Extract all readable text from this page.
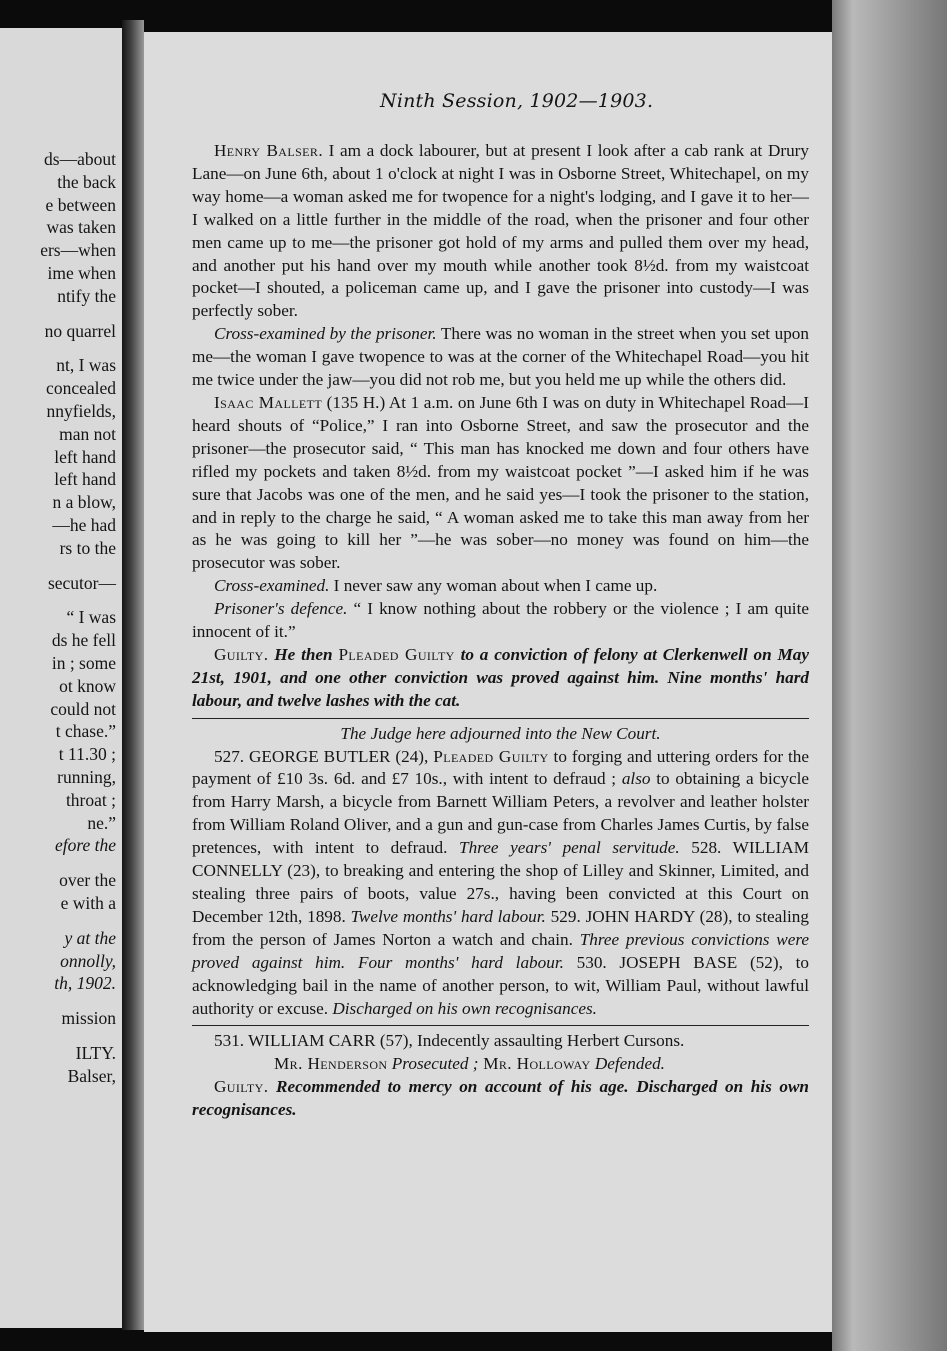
ds—about
the back
e between
was taken
ers—when
ime when
ntify the
no quarrel
nt, I was
concealed
nnyfields,
man not
left hand
left hand
n a blow,
—he had
rs to the
secutor—
“ I was
ds he fell
in ; some
ot know
could not
t chase.”
t 11.30 ;
running,
throat ;
ne.”
efore the
over the
e with a
y at the
onnolly,
th, 1902.
mission
ILTY.
Balser,
Ninth Session, 1902—1903.

Henry Balser. I am a dock labourer, but at present I look after a cab rank at Drury Lane—on June 6th, about 1 o'clock at night I was in Osborne Street, Whitechapel, on my way home—a woman asked me for twopence for a night's lodging, and I gave it to her—I walked on a little further in the middle of the road, when the prisoner and four other men came up to me—the prisoner got hold of my arms and pulled them over my head, and another put his hand over my mouth while another took 8½d. from my waistcoat pocket—I shouted, a policeman came up, and I gave the prisoner into custody—I was perfectly sober.

Cross-examined by the prisoner. There was no woman in the street when you set upon me—the woman I gave twopence to was at the corner of the Whitechapel Road—you hit me twice under the jaw—you did not rob me, but you held me up while the others did.

Isaac Mallett (135 H.) At 1 a.m. on June 6th I was on duty in Whitechapel Road—I heard shouts of “Police,” I ran into Osborne Street, and saw the prosecutor and the prisoner—the prosecutor said, “ This man has knocked me down and four others have rifled my pockets and taken 8½d. from my waistcoat pocket ”—I asked him if he was sure that Jacobs was one of the men, and he said yes—I took the prisoner to the station, and in reply to the charge he said, “ A woman asked me to take this man away from her as he was going to kill her ”—he was sober—no money was found on him—the prosecutor was sober.

Cross-examined. I never saw any woman about when I came up.

Prisoner's defence. “ I know nothing about the robbery or the violence ; I am quite innocent of it.”

Guilty. He then Pleaded Guilty to a conviction of felony at Clerkenwell on May 21st, 1901, and one other conviction was proved against him. Nine months' hard labour, and twelve lashes with the cat.

The Judge here adjourned into the New Court.

527. GEORGE BUTLER (24), Pleaded Guilty to forging and uttering orders for the payment of £10 3s. 6d. and £7 10s., with intent to defraud ; also to obtaining a bicycle from Harry Marsh, a bicycle from Barnett William Peters, a revolver and leather holster from William Roland Oliver, and a gun and gun-case from Charles James Curtis, by false pretences, with intent to defraud. Three years' penal servitude. 528. WILLIAM CONNELLY (23), to breaking and entering the shop of Lilley and Skinner, Limited, and stealing three pairs of boots, value 27s., having been convicted at this Court on December 12th, 1898. Twelve months' hard labour. 529. JOHN HARDY (28), to stealing from the person of James Norton a watch and chain. Three previous convictions were proved against him. Four months' hard labour. 530. JOSEPH BASE (52), to acknowledging bail in the name of another person, to wit, William Paul, without lawful authority or excuse. Discharged on his own recognisances.

531. WILLIAM CARR (57), Indecently assaulting Herbert Cursons.

Mr. Henderson Prosecuted ; Mr. Holloway Defended.

Guilty. Recommended to mercy on account of his age. Discharged on his own recognisances.
